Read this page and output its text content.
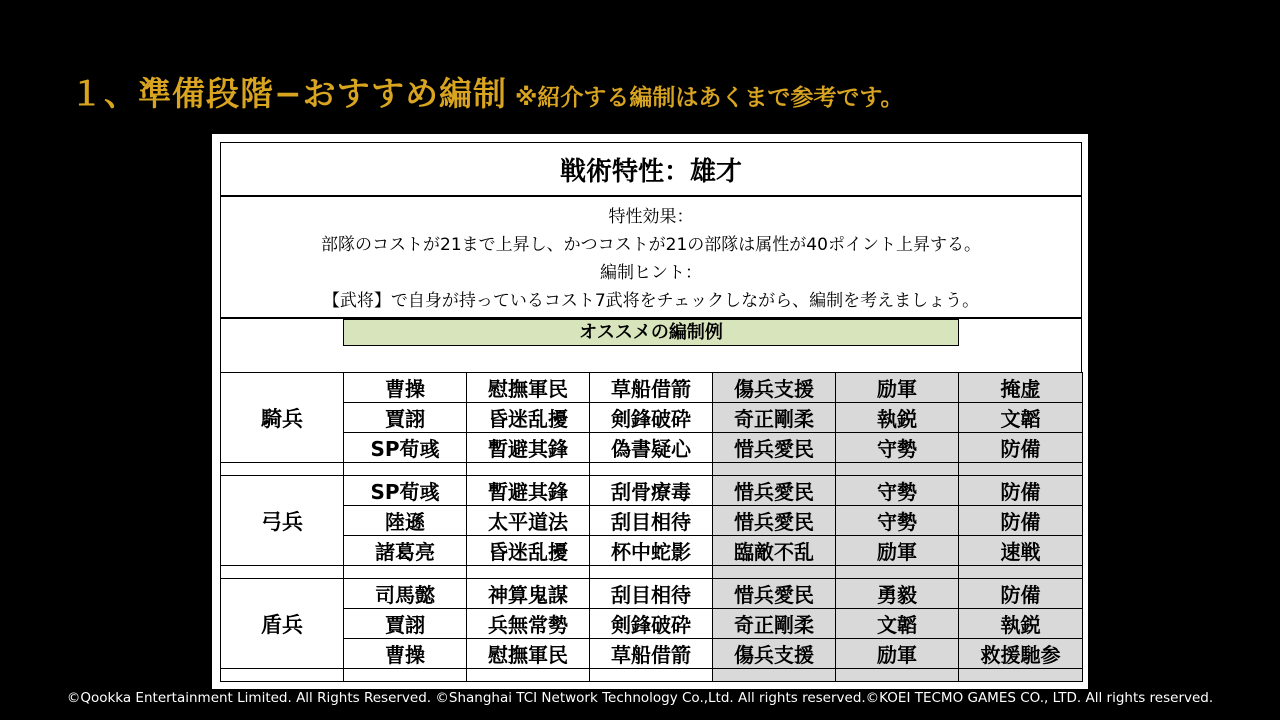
１、準備段階−おすすめ編制 ※紹介する編制はあくまで参考です。
戦術特性：雄才
特性効果：
部隊のコストが21まで上昇し、かつコストが21の部隊は属性が40ポイント上昇する。
編制ヒント：
【武将】で自身が持っているコスト7武将をチェックしながら、編制を考えましょう。
オススメの編制例
騎兵	曹操	慰撫軍民	草船借箭	傷兵支援	励軍	掩虚
	賈詡	昏迷乱擾	剣鋒破砕	奇正剛柔	執鋭	文韜
	SP荀彧	暫避其鋒	偽書疑心	惜兵愛民	守勢	防備

弓兵	SP荀彧	暫避其鋒	刮骨療毒	惜兵愛民	守勢	防備
	陸遜	太平道法	刮目相待	惜兵愛民	守勢	防備
	諸葛亮	昏迷乱擾	杯中蛇影	臨敵不乱	励軍	速戦

盾兵	司馬懿	神算鬼謀	刮目相待	惜兵愛民	勇毅	防備
	賈詡	兵無常勢	剣鋒破砕	奇正剛柔	文韜	執鋭
	曹操	慰撫軍民	草船借箭	傷兵支援	励軍	救援馳参

©Qookka Entertainment Limited. All Rights Reserved. ©Shanghai TCI Network Technology Co.,Ltd. All rights reserved.©KOEI TECMO GAMES CO., LTD. All rights reserved.
